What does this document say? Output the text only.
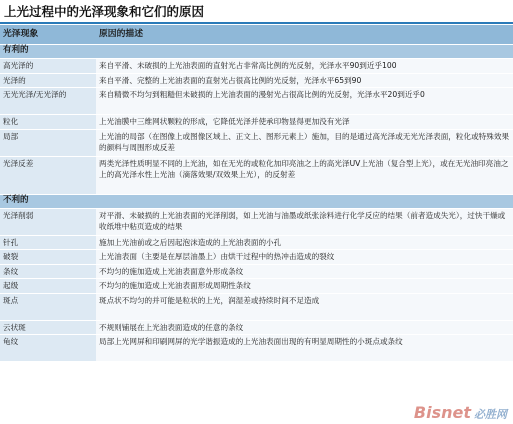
上光过程中的光泽现象和它们的原因
光泽现象	原因的描述
有利的	
高光泽的	来自平滑、未破损的上光油表面的直射光占非常高比例的光反射，光泽水平90到近乎100
光泽的	来自平滑、完整的上光油表面的直射光占很高比例的光反射，光泽水平65到90
无光光泽/无光泽的	来自精微不均匀到粗糙但未破损的上光油表面的漫射光占很高比例的光反射，光泽水平20到近乎0
粒化	上光油膜中三维网状颗粒的形成，它降低光泽并使承印物显得更加没有光泽
局部	上光油的局部（在图像上或图像区域上、正文上、图形元素上）施加，目的是通过高光泽或无光光泽表面，粒化或特殊效果的颜料与周围形成反差
光泽反差	两类光泽性质明显不同的上光油，如在无光的或粒化加印亮油之上的高光泽UV上光油（复合型上光），或在无光油印亮油之上的高光泽水性上光油（滴落效果/双效果上光），的反射差
不利的	
光泽削弱	对平滑、未破损的上光油表面的光泽削弱，如上光油与油墨或纸张涂料进行化学反应的结果（前者造成失光），过快干燥或收纸堆中粘页造成的结果
针孔	施加上光油前或之后因起泡沫造成的上光油表面的小孔
破裂	上光油表面（主要是在厚层油墨上）由烘干过程中的热冲击造成的裂纹
条纹	不均匀的施加造成上光油表面意外形成条纹
起级	不均匀的施加造成上光油表面形成周期性条纹
斑点	斑点状不均匀的并可能是粒状的上光，润湿差或持续时间不足造成
云状斑	不规则铺展在上光油表面造成的任意的条纹
龟纹	局部上光网屏和印刷网屏的光学谐振造成的上光油表面出现的有明显周期性的小斑点或条纹
Bisnet 必胜网
